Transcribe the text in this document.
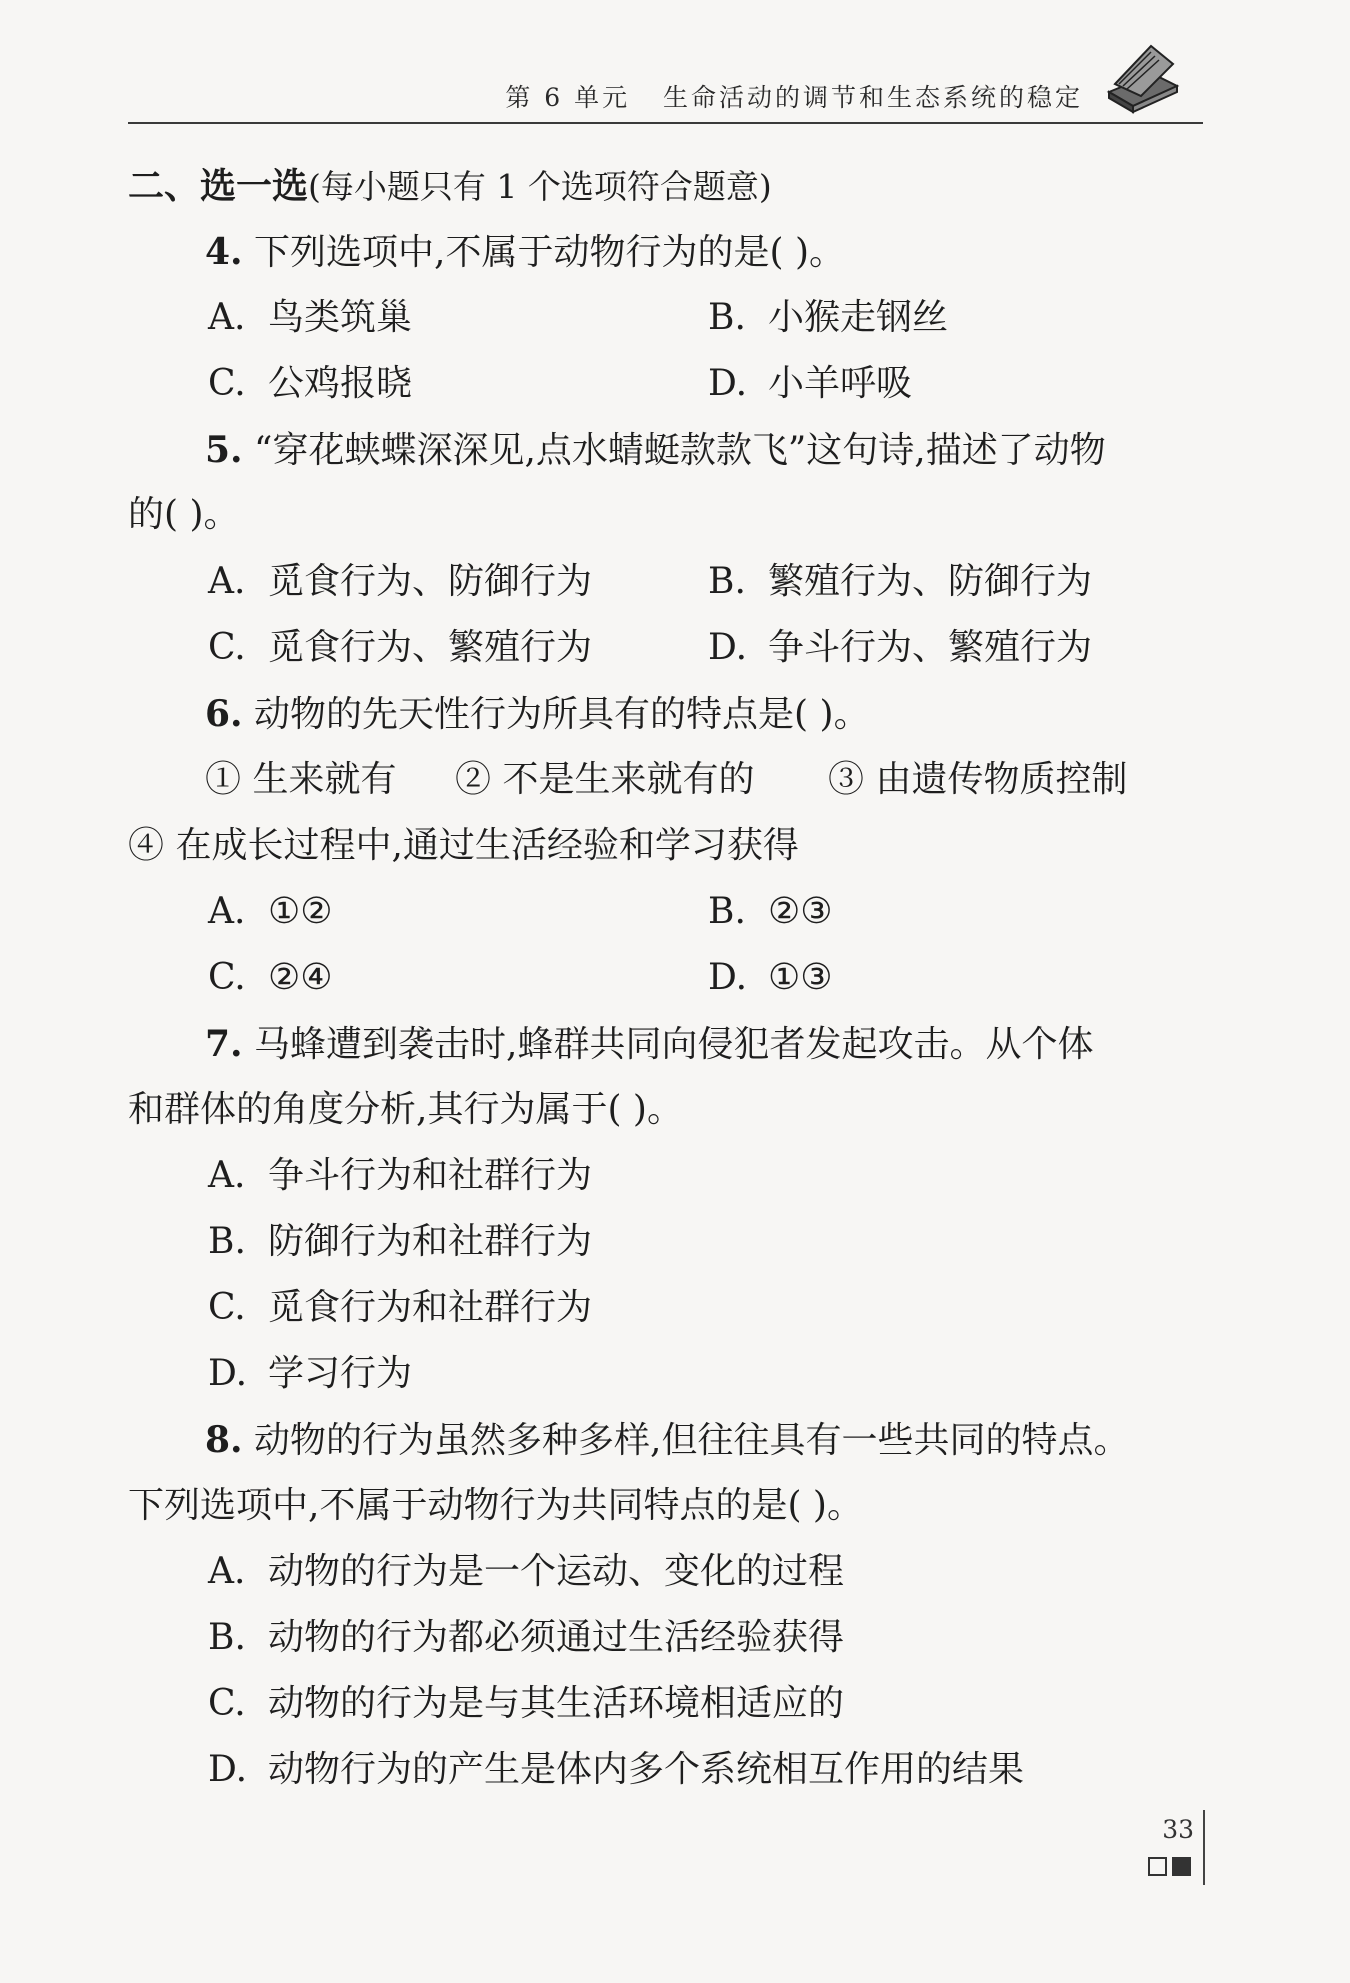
第 6 单元   生命活动的调节和生态系统的稳定
二、选一选(每小题只有 1 个选项符合题意)
4. 下列选项中,不属于动物行为的是( )。
A. 鸟类筑巢	B. 小猴走钢丝
C. 公鸡报晓	D. 小羊呼吸
5. “穿花蛱蝶深深见,点水蜻蜓款款飞”这句诗,描述了动物
的( )。
A. 觅食行为、防御行为	B. 繁殖行为、防御行为
C. 觅食行为、繁殖行为	D. 争斗行为、繁殖行为
6. 动物的先天性行为所具有的特点是( )。
① 生来就有 ② 不是生来就有的 ③ 由遗传物质控制
④ 在成长过程中,通过生活经验和学习获得
A. ①②	B. ②③
C. ②④	D. ①③
7. 马蜂遭到袭击时,蜂群共同向侵犯者发起攻击。从个体
和群体的角度分析,其行为属于( )。
A. 争斗行为和社群行为
B. 防御行为和社群行为
C. 觅食行为和社群行为
D. 学习行为
8. 动物的行为虽然多种多样,但往往具有一些共同的特点。
下列选项中,不属于动物行为共同特点的是( )。
A. 动物的行为是一个运动、变化的过程
B. 动物的行为都必须通过生活经验获得
C. 动物的行为是与其生活环境相适应的
D. 动物行为的产生是体内多个系统相互作用的结果
33
